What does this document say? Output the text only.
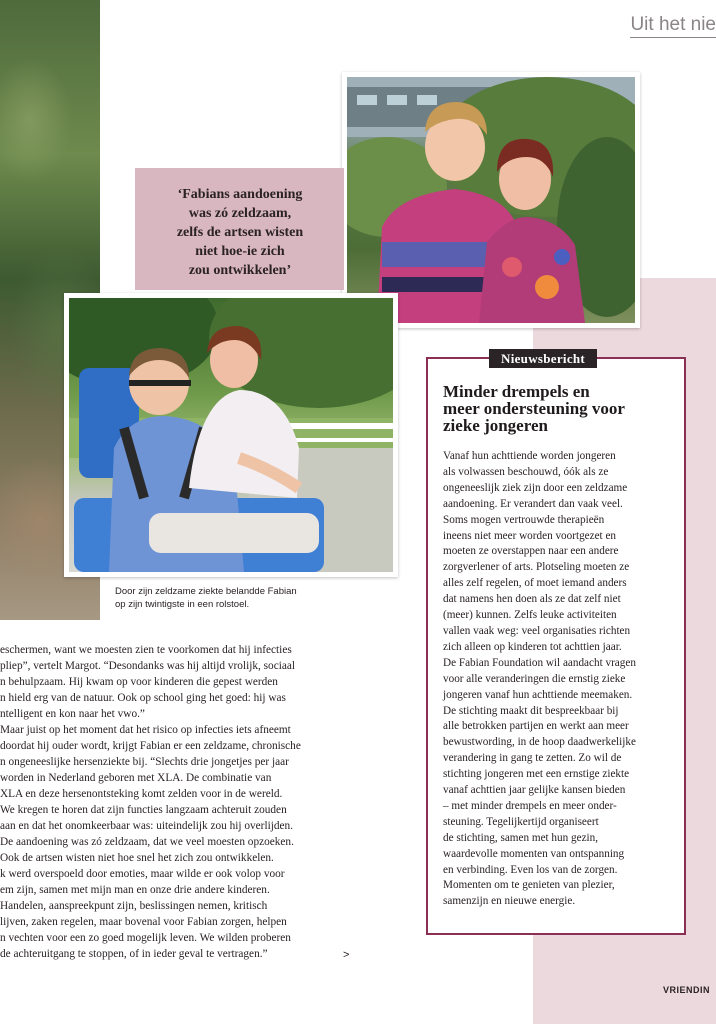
Uit het nie
‘Fabians aandoening
was zó zeldzaam,
zelfs de artsen wisten
niet hoe-ie zich
zou ontwikkelen’
Door zijn zeldzame ziekte belandde Fabian
op zijn twintigste in een rolstoel.

eschermen, want we moesten zien te voorkomen dat hij infecties

pliep”, vertelt Margot. “Desondanks was hij altijd vrolijk, sociaal

n behulpzaam. Hij kwam op voor kinderen die gepest werden

n hield erg van de natuur. Ook op school ging het goed: hij was

ntelligent en kon naar het vwo.”

Maar juist op het moment dat het risico op infecties iets afneemt

doordat hij ouder wordt, krijgt Fabian er een zeldzame, chronische

n ongeneeslijke hersenziekte bij. “Slechts drie jongetjes per jaar

worden in Nederland geboren met XLA. De combinatie van

XLA en deze hersenontsteking komt zelden voor in de wereld.

We kregen te horen dat zijn functies langzaam achteruit zouden

aan en dat het onomkeerbaar was: uiteindelijk zou hij overlijden.

De aandoening was zó zeldzaam, dat we veel moesten opzoeken.

Ook de artsen wisten niet hoe snel het zich zou ontwikkelen.

k werd overspoeld door emoties, maar wilde er ook volop voor

em zijn, samen met mijn man en onze drie andere kinderen.

Handelen, aanspreekpunt zijn, beslissingen nemen, kritisch

lijven, zaken regelen, maar bovenal voor Fabian zorgen, helpen

n vechten voor een zo goed mogelijk leven. We wilden proberen

de achteruitgang te stoppen, of in ieder geval te vertragen.”	>
Nieuwsbericht
Minder drempels en
meer ondersteuning voor
zieke jongeren

Vanaf hun achttiende worden jongeren

als volwassen beschouwd, óók als ze

ongeneeslijk ziek zijn door een zeldzame

aandoening. Er verandert dan vaak veel.

Soms mogen vertrouwde therapieën

ineens niet meer worden voortgezet en

moeten ze overstappen naar een andere

zorgverlener of arts. Plotseling moeten ze

alles zelf regelen, of moet iemand anders

dat namens hen doen als ze dat zelf niet

(meer) kunnen. Zelfs leuke activiteiten

vallen vaak weg: veel organisaties richten

zich alleen op kinderen tot achttien jaar.

De Fabian Foundation wil aandacht vragen

voor alle veranderingen die ernstig zieke

jongeren vanaf hun achttiende meemaken.

De stichting maakt dit bespreekbaar bij

alle betrokken partijen en werkt aan meer

bewustwording, in de hoop daadwerkelijke

verandering in gang te zetten. Zo wil de

stichting jongeren met een ernstige ziekte

vanaf achttien jaar gelijke kansen bieden

– met minder drempels en meer onder-

steuning. Tegelijkertijd organiseert

de stichting, samen met hun gezin,

waardevolle momenten van ontspanning

en verbinding. Even los van de zorgen.

Momenten om te genieten van plezier,

samenzijn en nieuwe energie.

VRIENDIN
